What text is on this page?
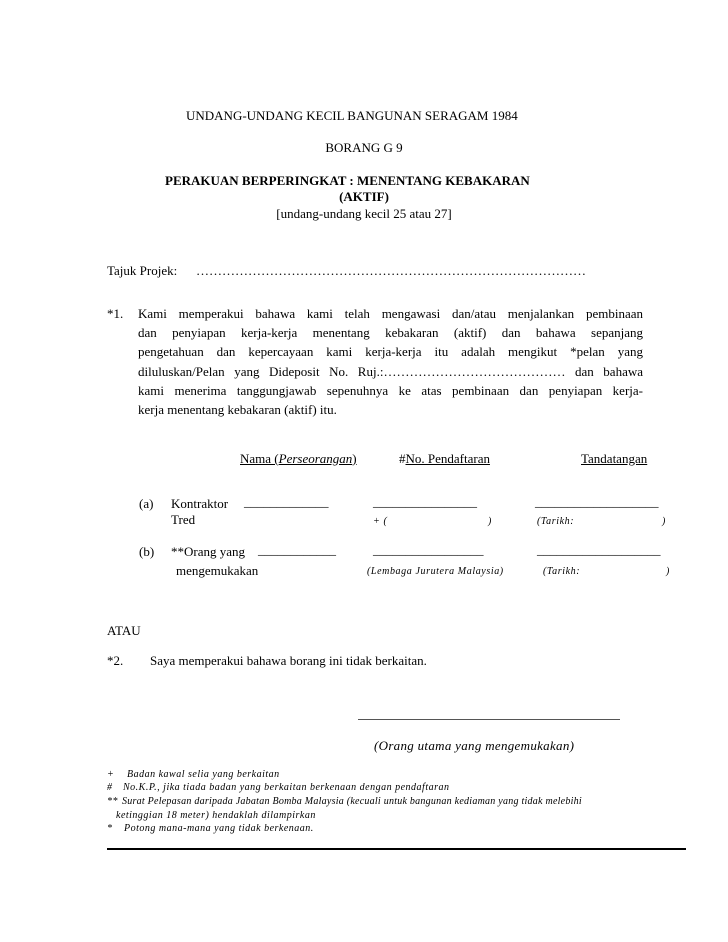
UNDANG-UNDANG KECIL BANGUNAN SERAGAM 1984
BORANG G 9
PERAKUAN BERPERINGKAT : MENENTANG KEBAKARAN
(AKTIF)
[undang-undang kecil 25 atau 27]
Tajuk Projek: ………………………………………………………………………………
*1. Kami memperakui bahawa kami telah mengawasi dan/atau menjalankan pembinaan
dan penyiapan kerja-kerja menentang kebakaran (aktif) dan bahawa sepanjang
pengetahuan dan kepercayaan kami kerja-kerja itu adalah mengikut *pelan yang
diluluskan/Pelan yang Dideposit No. Ruj.:…………………………………… dan bahawa
kami menerima tanggungjawab sepenuhnya ke atas pembinaan dan penyiapan kerja-
kerja menentang kebakaran (aktif) itu.
Nama (Perseorangan)	#No. Pendaftaran	Tandatangan
(a) Kontraktor
Tred
_____________	________________	___________________
+ (	)	(Tarikh:	)
(b) **Orang yang
mengemukakan
____________	_________________	___________________
(Lembaga Jurutera Malaysia)	(Tarikh:	)
ATAU
*2. Saya memperakui bahawa borang ini tidak berkaitan.
(Orang utama yang mengemukakan)
+ Badan kawal selia yang berkaitan
# No.K.P., jika tiada badan yang berkaitan berkenaan dengan pendaftaran
** Surat Pelepasan daripada Jabatan Bomba Malaysia (kecuali untuk bangunan kediaman yang tidak melebihi
ketinggian 18 meter) hendaklah dilampirkan
* Potong mana-mana yang tidak berkenaan.
